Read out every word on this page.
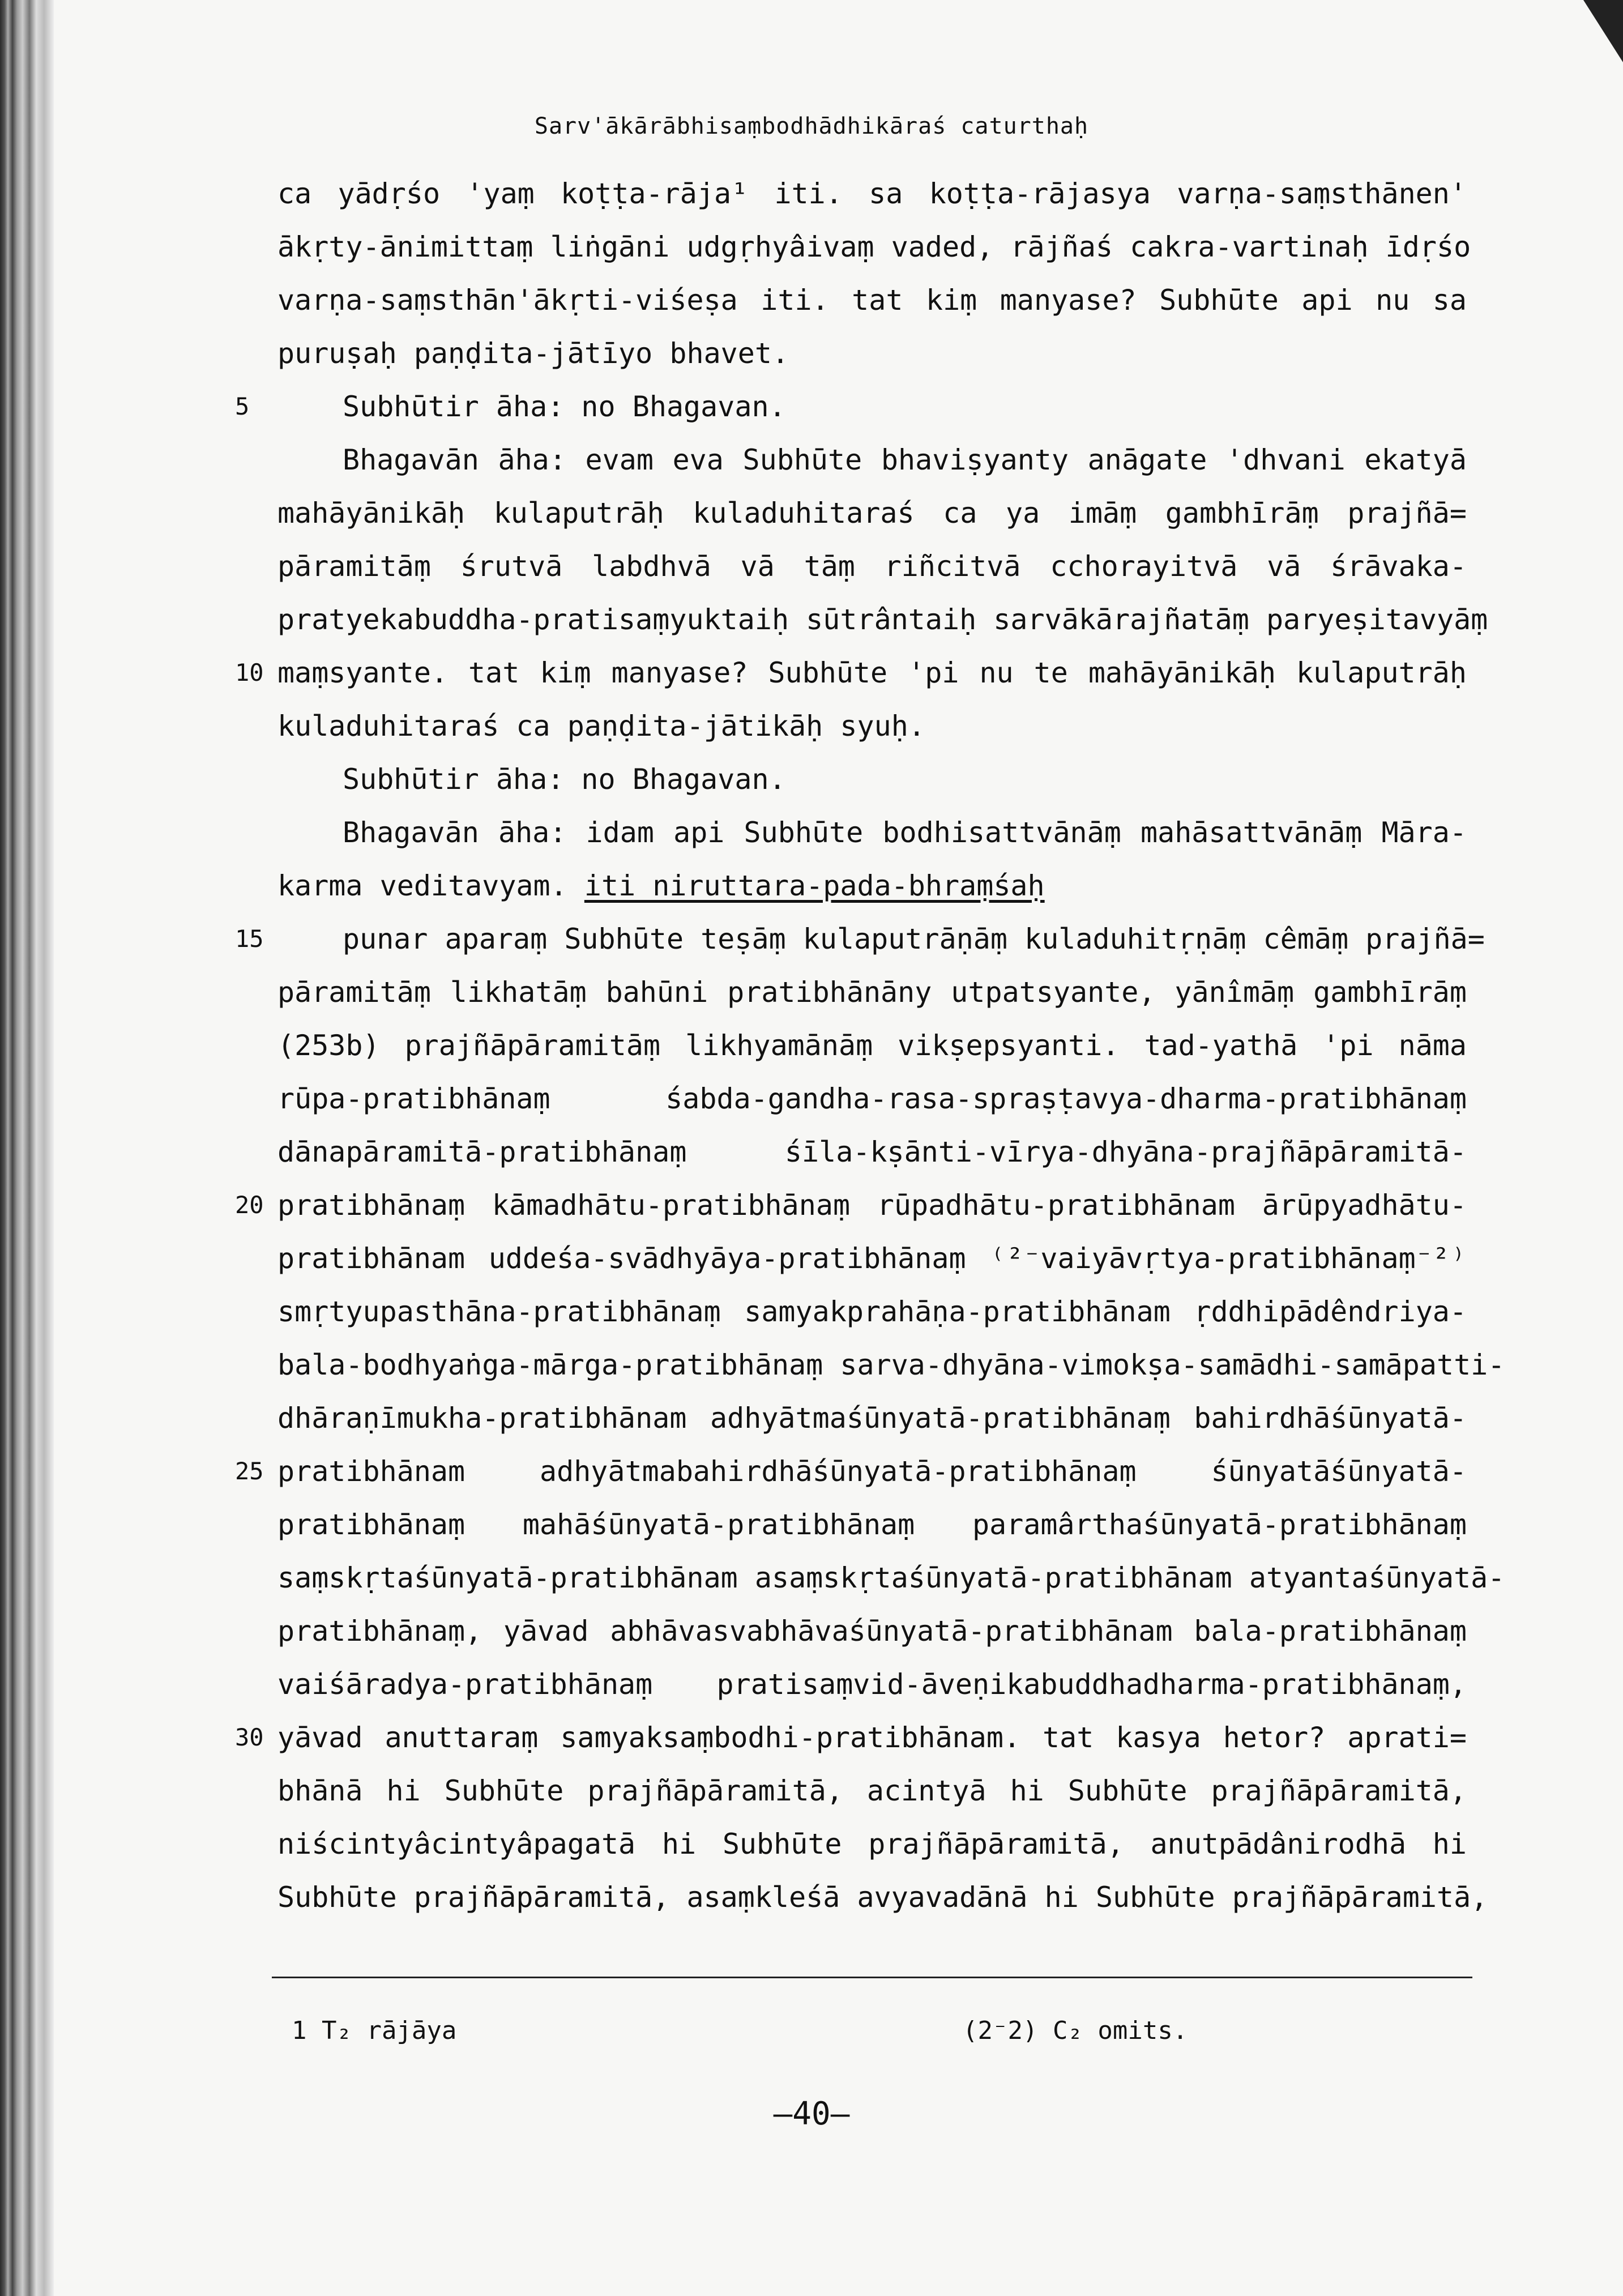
Sarv'ākārābhisaṃbodhādhikāraś caturthaḥ
ca yādṛśo 'yaṃ koṭṭa-rāja¹ iti. sa koṭṭa-rājasya varṇa-saṃsthānen'
ākṛty-ānimittaṃ liṅgāni udgṛhyâivaṃ vaded, rājñaś cakra-vartinaḥ īdṛśo
varṇa-saṃsthān'ākṛti-viśeṣa iti. tat kiṃ manyase? Subhūte api nu sa
puruṣaḥ paṇḍita-jātīyo bhavet.
5	Subhūtir āha: no Bhagavan.
Bhagavān āha: evam eva Subhūte bhaviṣyanty anāgate 'dhvani ekatyā
mahāyānikāḥ kulaputrāḥ kuladuhitaraś ca ya imāṃ gambhīrāṃ prajñā=
pāramitāṃ śrutvā labdhvā vā tāṃ riñcitvā cchorayitvā vā śrāvaka-
pratyekabuddha-pratisaṃyuktaiḥ sūtrântaiḥ sarvākārajñatāṃ paryeṣitavyāṃ
10 maṃsyante. tat kiṃ manyase? Subhūte 'pi nu te mahāyānikāḥ kulaputrāḥ
kuladuhitaraś ca paṇḍita-jātikāḥ syuḥ.
Subhūtir āha: no Bhagavan.
Bhagavān āha: idam api Subhūte bodhisattvānāṃ mahāsattvānāṃ Māra-
karma veditavyam. iti niruttara-pada-bhraṃśaḥ
15	punar aparaṃ Subhūte teṣāṃ kulaputrāṇāṃ kuladuhitṛṇāṃ cêmāṃ prajñā=
pāramitāṃ likhatāṃ bahūni pratibhānāny utpatsyante, yānîmāṃ gambhīrāṃ
(253b) prajñāpāramitāṃ likhyamānāṃ vikṣepsyanti. tad-yathā 'pi nāma
rūpa-pratibhānaṃ śabda-gandha-rasa-spraṣṭavya-dharma-pratibhānaṃ
dānapāramitā-pratibhānaṃ śīla-kṣānti-vīrya-dhyāna-prajñāpāramitā-
20 pratibhānaṃ kāmadhātu-pratibhānaṃ rūpadhātu-pratibhānam ārūpyadhātu-
pratibhānam uddeśa-svādhyāya-pratibhānaṃ ⁽²⁻vaiyāvṛtya-pratibhānaṃ⁻²⁾
smṛtyupasthāna-pratibhānaṃ samyakprahāṇa-pratibhānam ṛddhipādêndriya-
bala-bodhyaṅga-mārga-pratibhānaṃ sarva-dhyāna-vimokṣa-samādhi-samāpatti-
dhāraṇīmukha-pratibhānam adhyātmaśūnyatā-pratibhānaṃ bahirdhāśūnyatā-
25 pratibhānam adhyātmabahirdhāśūnyatā-pratibhānaṃ śūnyatāśūnyatā-
pratibhānaṃ mahāśūnyatā-pratibhānaṃ paramârthaśūnyatā-pratibhānaṃ
saṃskṛtaśūnyatā-pratibhānam asaṃskṛtaśūnyatā-pratibhānam atyantaśūnyatā-
pratibhānaṃ, yāvad abhāvasvabhāvaśūnyatā-pratibhānam bala-pratibhānaṃ
vaiśāradya-pratibhānaṃ pratisaṃvid-āveṇikabuddhadharma-pratibhānaṃ,
30 yāvad anuttaraṃ samyaksaṃbodhi-pratibhānam. tat kasya hetor? aprati=
bhānā hi Subhūte prajñāpāramitā, acintyā hi Subhūte prajñāpāramitā,
niścintyâcintyâpagatā hi Subhūte prajñāpāramitā, anutpādânirodhā hi
Subhūte prajñāpāramitā, asaṃkleśā avyavadānā hi Subhūte prajñāpāramitā,
1 T₂ rājāya	(2⁻2) C₂ omits.
—40—
